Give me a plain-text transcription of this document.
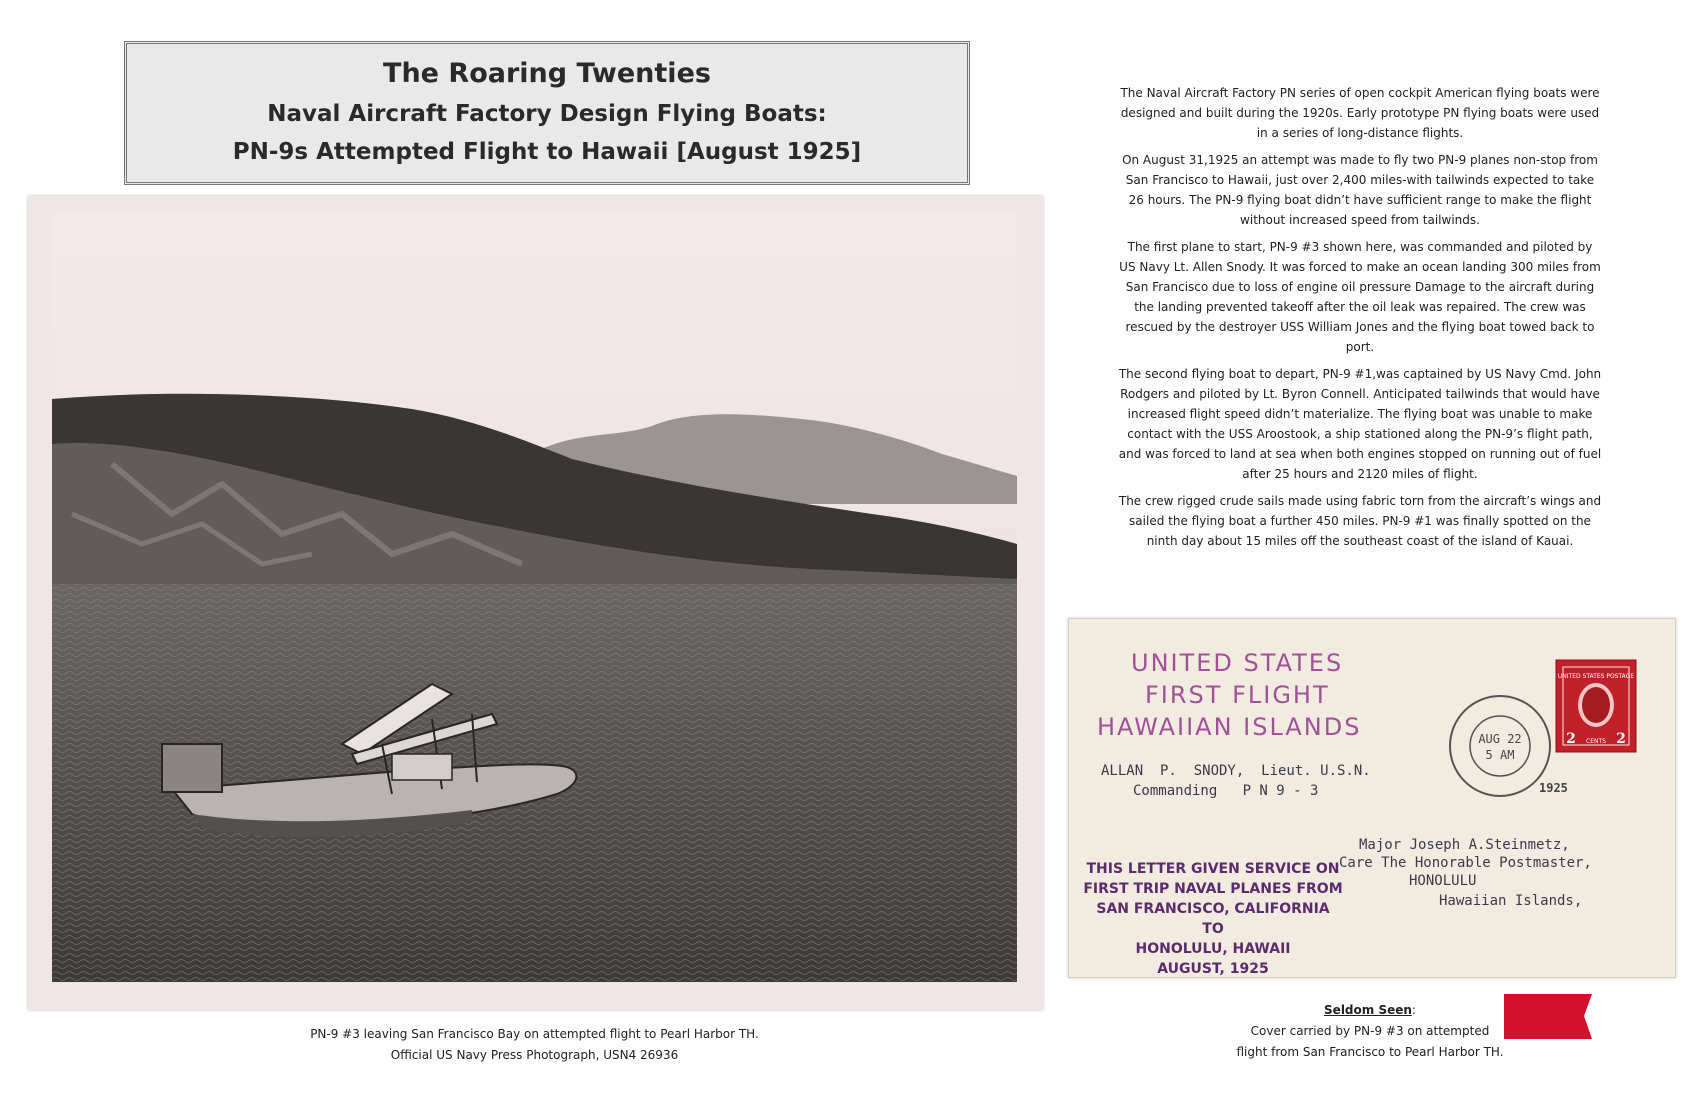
The Roaring Twenties
Naval Aircraft Factory Design Flying Boats:
PN-9s Attempted Flight to Hawaii [August 1925]
PN-9 #3 leaving San Francisco Bay on attempted flight to Pearl Harbor TH.
Official US Navy Press Photograph, USN4 26936

The Naval Aircraft Factory PN series of open cockpit American flying boats were designed and built during the 1920s. Early prototype PN flying boats were used in a series of long-distance flights.

On August 31,1925 an attempt was made to fly two PN-9 planes non-stop from San Francisco to Hawaii, just over 2,400 miles-with tailwinds expected to take 26 hours. The PN-9 flying boat didn’t have sufficient range to make the flight without increased speed from tailwinds.

The first plane to start, PN-9 #3 shown here, was commanded and piloted by US Navy Lt. Allen Snody. It was forced to make an ocean landing 300 miles from San Francisco due to loss of engine oil pressure Damage to the aircraft during the landing prevented takeoff after the oil leak was repaired. The crew was rescued by the destroyer USS William Jones and the flying boat towed back to port.

The second flying boat to depart, PN-9 #1,was captained by US Navy Cmd. John Rodgers and piloted by Lt. Byron Connell. Anticipated tailwinds that would have increased flight speed didn’t materialize. The flying boat was unable to make contact with the USS Aroostook, a ship stationed along the PN-9’s flight path, and was forced to land at sea when both engines stopped on running out of fuel after 25 hours and 2120 miles of flight.

The crew rigged crude sails made using fabric torn from the aircraft’s wings and sailed the flying boat a further 450 miles. PN-9 #1 was finally spotted on the ninth day about 15 miles off the southeast coast of the island of Kauai.

UNITED STATES
FIRST FLIGHT
HAWAIIAN ISLANDS
ALLAN  P.  SNODY,  Lieut. U.S.N.
Commanding   P N 9 - 3
THIS LETTER GIVEN SERVICE ON
FIRST TRIP NAVAL PLANES FROM
SAN FRANCISCO, CALIFORNIA
TO
HONOLULU, HAWAII
AUGUST, 1925
Major Joseph A.Steinmetz,
Care The Honorable Postmaster,
HONOLULU
Hawaiian Islands,
AUG 22
5 AM
1925
UNITED STATES POSTAGE
2	2
CENTS
Seldom Seen:
Cover carried by PN-9 #3 on attempted
flight from San Francisco to Pearl Harbor TH.
